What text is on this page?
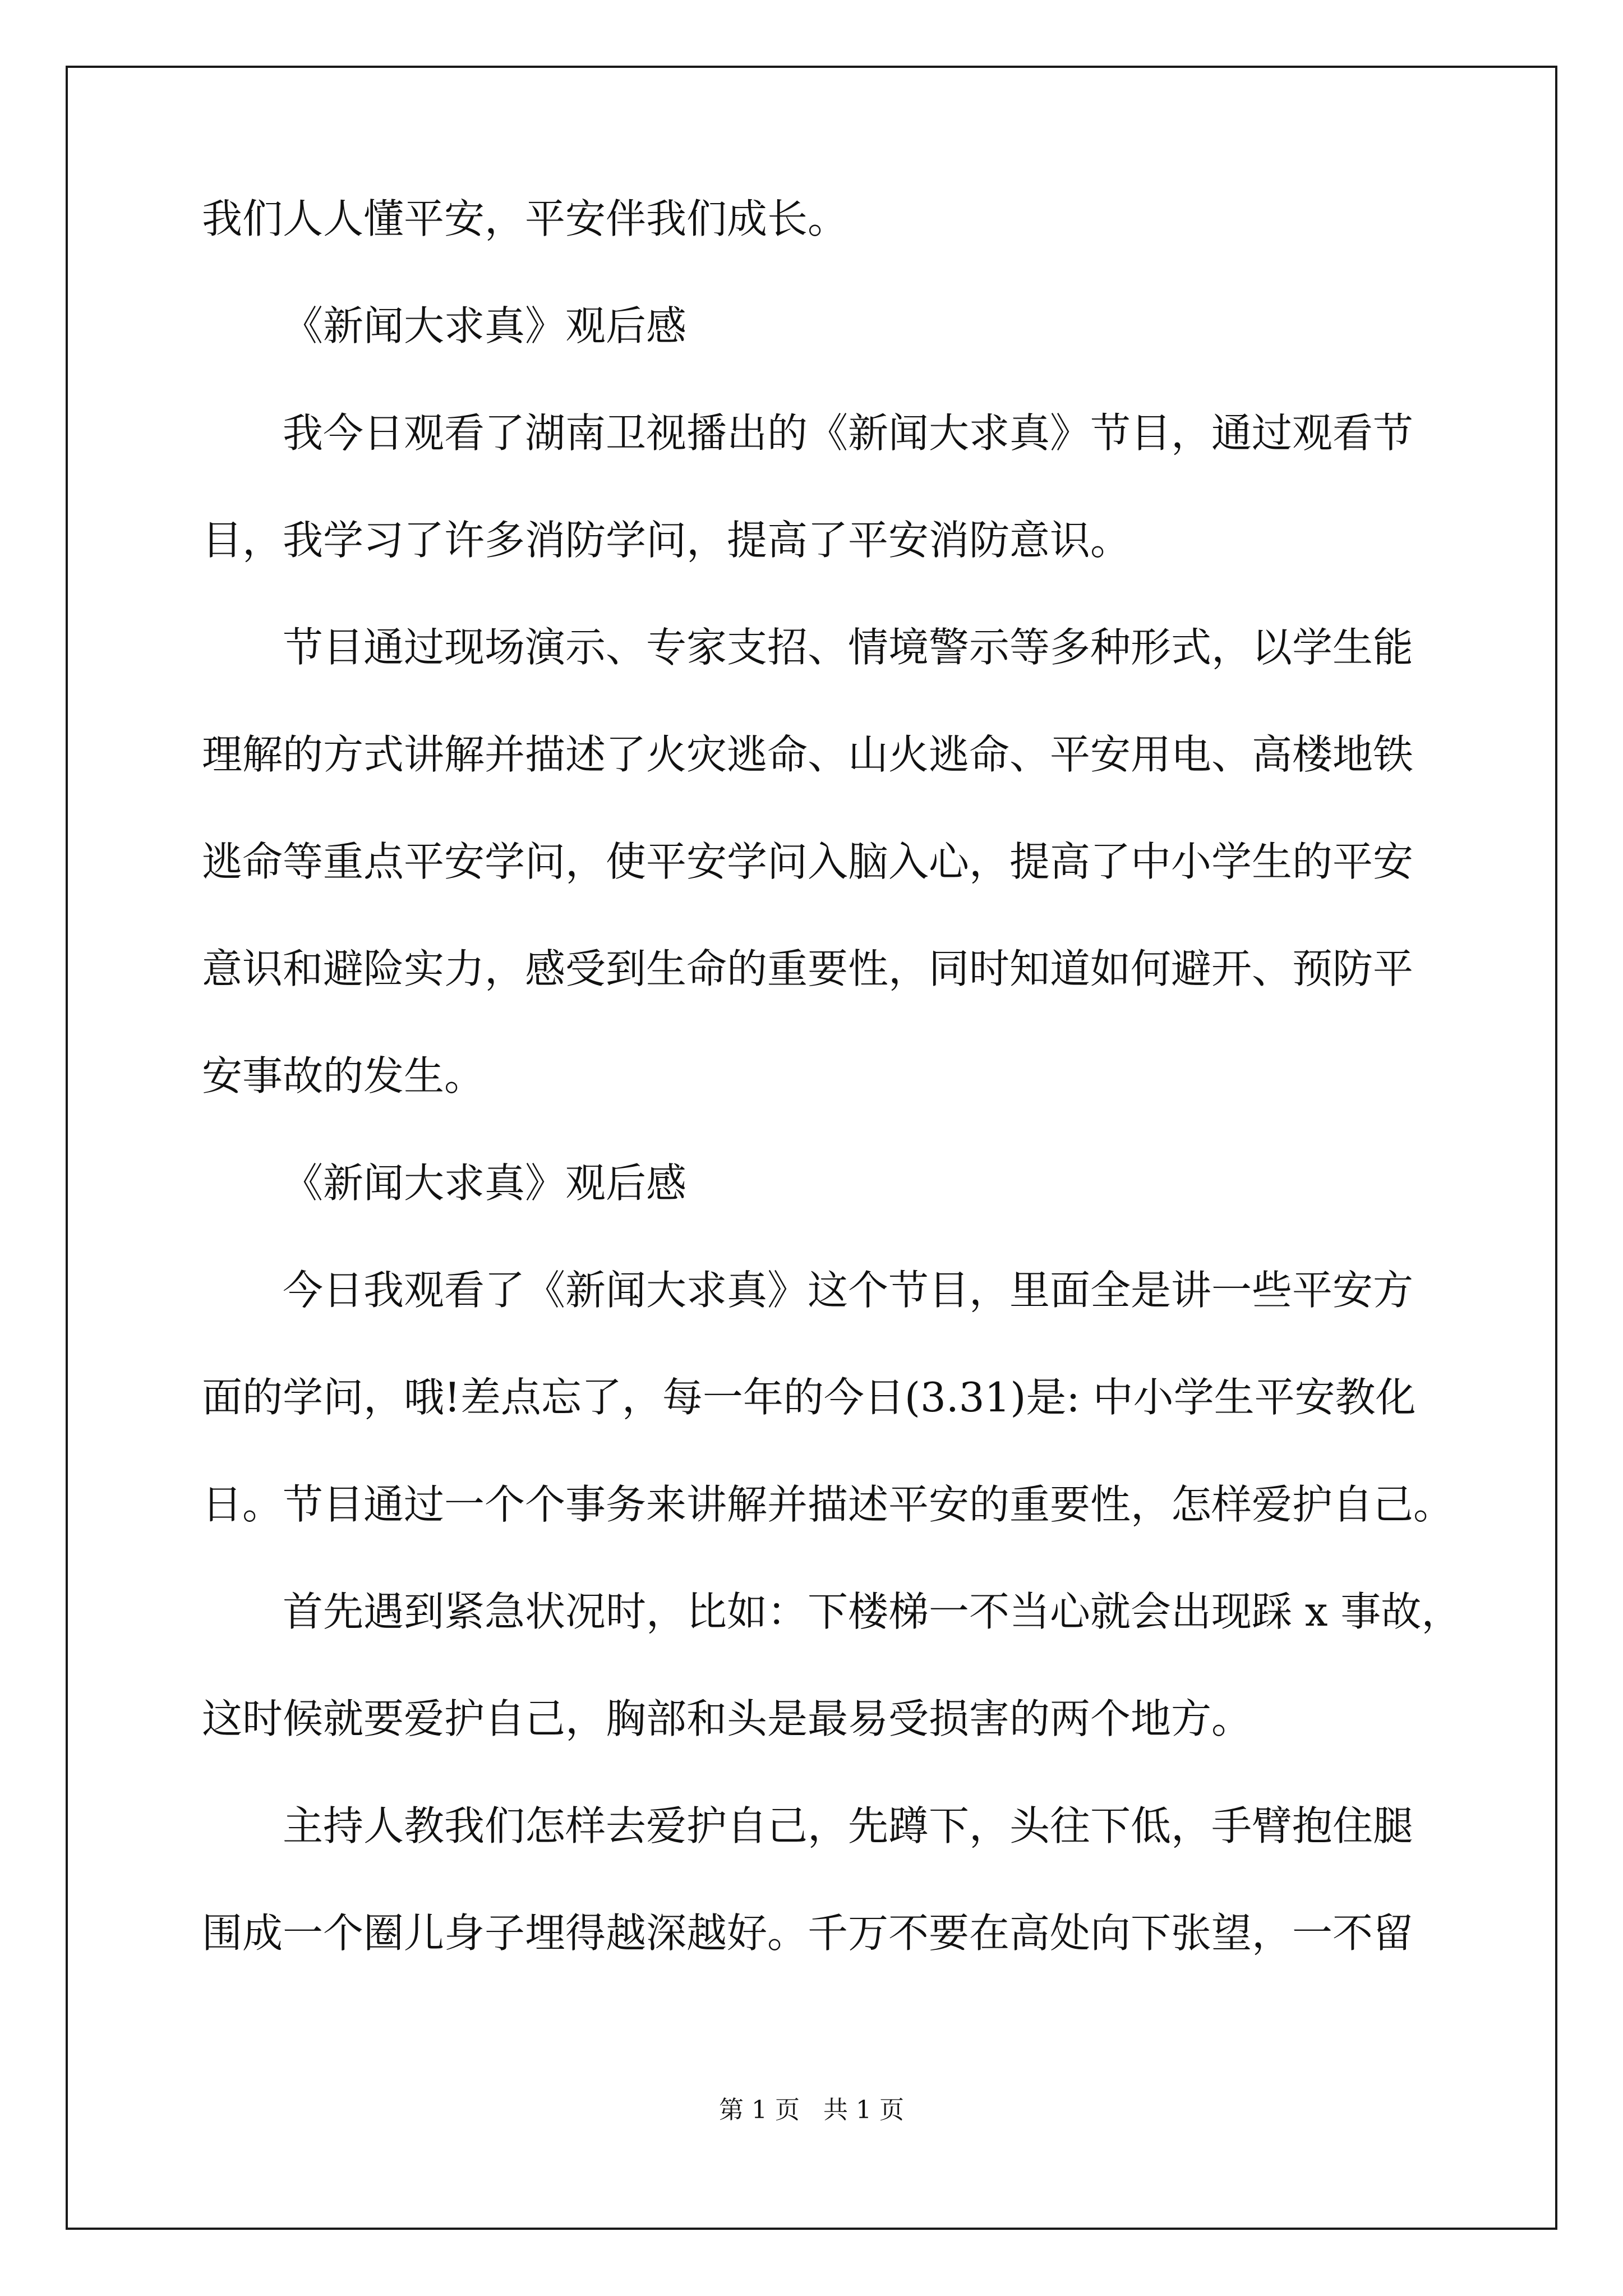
我们人人懂平安，平安伴我们成长。
《新闻大求真》观后感
我今日观看了湖南卫视播出的《新闻大求真》节目，通过观看节
目，我学习了许多消防学问，提高了平安消防意识。
节目通过现场演示、专家支招、情境警示等多种形式，以学生能
理解的方式讲解并描述了火灾逃命、山火逃命、平安用电、高楼地铁
逃命等重点平安学问，使平安学问入脑入心，提高了中小学生的平安
意识和避险实力，感受到生命的重要性，同时知道如何避开、预防平
安事故的发生。
《新闻大求真》观后感
今日我观看了《新闻大求真》这个节目，里面全是讲一些平安方
面的学问，哦!差点忘了，每一年的今日(3.31)是: 中小学生平安教化
日。节目通过一个个事务来讲解并描述平安的重要性，怎样爱护自己。
首先遇到紧急状况时，比如：下楼梯一不当心就会出现踩 x 事故，
这时候就要爱护自己，胸部和头是最易受损害的两个地方。
主持人教我们怎样去爱护自己，先蹲下，头往下低，手臂抱住腿
围成一个圈儿身子埋得越深越好。千万不要在高处向下张望，一不留
第 1 页 共 1 页
